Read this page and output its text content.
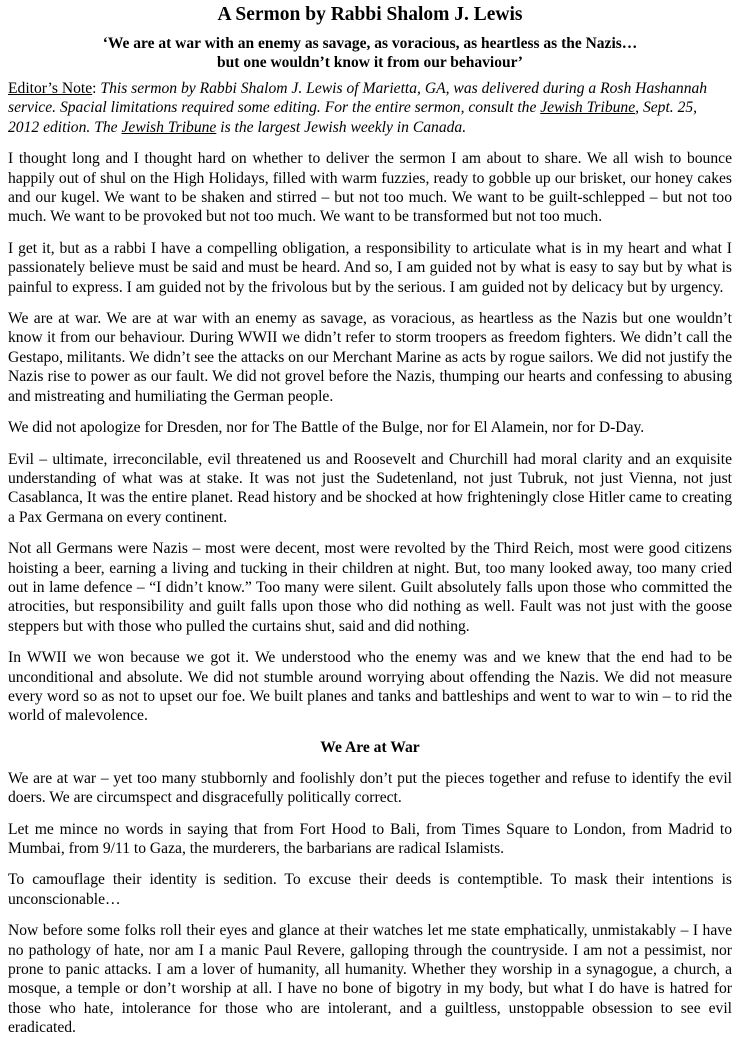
A Sermon by Rabbi Shalom J. Lewis
‘We are at war with an enemy as savage, as voracious, as heartless as the Nazis…
but one wouldn’t know it from our behaviour’

Editor’s Note: This sermon by Rabbi Shalom J. Lewis of Marietta, GA, was delivered during a Rosh Hashannah service. Spacial limitations required some editing. For the entire sermon, consult the Jewish Tribune, Sept. 25, 2012 edition. The Jewish Tribune is the largest Jewish weekly in Canada.

I thought long and I thought hard on whether to deliver the sermon I am about to share. We all wish to bounce happily out of shul on the High Holidays, filled with warm fuzzies, ready to gobble up our brisket, our honey cakes and our kugel. We want to be shaken and stirred – but not too much. We want to be guilt-schlepped – but not too much. We want to be provoked but not too much. We want to be transformed but not too much.

I get it, but as a rabbi I have a compelling obligation, a responsibility to articulate what is in my heart and what I passionately believe must be said and must be heard. And so, I am guided not by what is easy to say but by what is painful to express. I am guided not by the frivolous but by the serious. I am guided not by delicacy but by urgency.

We are at war. We are at war with an enemy as savage, as voracious, as heartless as the Nazis but one wouldn’t know it from our behaviour. During WWII we didn’t refer to storm troopers as freedom fighters. We didn’t call the Gestapo, militants. We didn’t see the attacks on our Merchant Marine as acts by rogue sailors. We did not justify the Nazis rise to power as our fault. We did not grovel before the Nazis, thumping our hearts and confessing to abusing and mistreating and humiliating the German people.

We did not apologize for Dresden, nor for The Battle of the Bulge, nor for El Alamein, nor for D-Day.

Evil – ultimate, irreconcilable, evil threatened us and Roosevelt and Churchill had moral clarity and an exquisite understanding of what was at stake. It was not just the Sudetenland, not just Tubruk, not just Vienna, not just Casablanca, It was the entire planet. Read history and be shocked at how frighteningly close Hitler came to creating a Pax Germana on every continent.

Not all Germans were Nazis – most were decent, most were revolted by the Third Reich, most were good citizens hoisting a beer, earning a living and tucking in their children at night. But, too many looked away, too many cried out in lame defence – “I didn’t know.” Too many were silent. Guilt absolutely falls upon those who committed the atrocities, but responsibility and guilt falls upon those who did nothing as well. Fault was not just with the goose steppers but with those who pulled the curtains shut, said and did nothing.

In WWII we won because we got it. We understood who the enemy was and we knew that the end had to be unconditional and absolute. We did not stumble around worrying about offending the Nazis. We did not measure every word so as not to upset our foe. We built planes and tanks and battleships and went to war to win – to rid the world of malevolence.

We Are at War

We are at war – yet too many stubbornly and foolishly don’t put the pieces together and refuse to identify the evil doers. We are circumspect and disgracefully politically correct.

Let me mince no words in saying that from Fort Hood to Bali, from Times Square to London, from Madrid to Mumbai, from 9/11 to Gaza, the murderers, the barbarians are radical Islamists.

To camouflage their identity is sedition. To excuse their deeds is contemptible. To mask their intentions is unconscionable…

Now before some folks roll their eyes and glance at their watches let me state emphatically, unmistakably – I have no pathology of hate, nor am I a manic Paul Revere, galloping through the countryside. I am not a pessimist, nor prone to panic attacks. I am a lover of humanity, all humanity. Whether they worship in a synagogue, a church, a mosque, a temple or don’t worship at all. I have no bone of bigotry in my body, but what I do have is hatred for those who hate, intolerance for those who are intolerant, and a guiltless, unstoppable obsession to see evil eradicated.
